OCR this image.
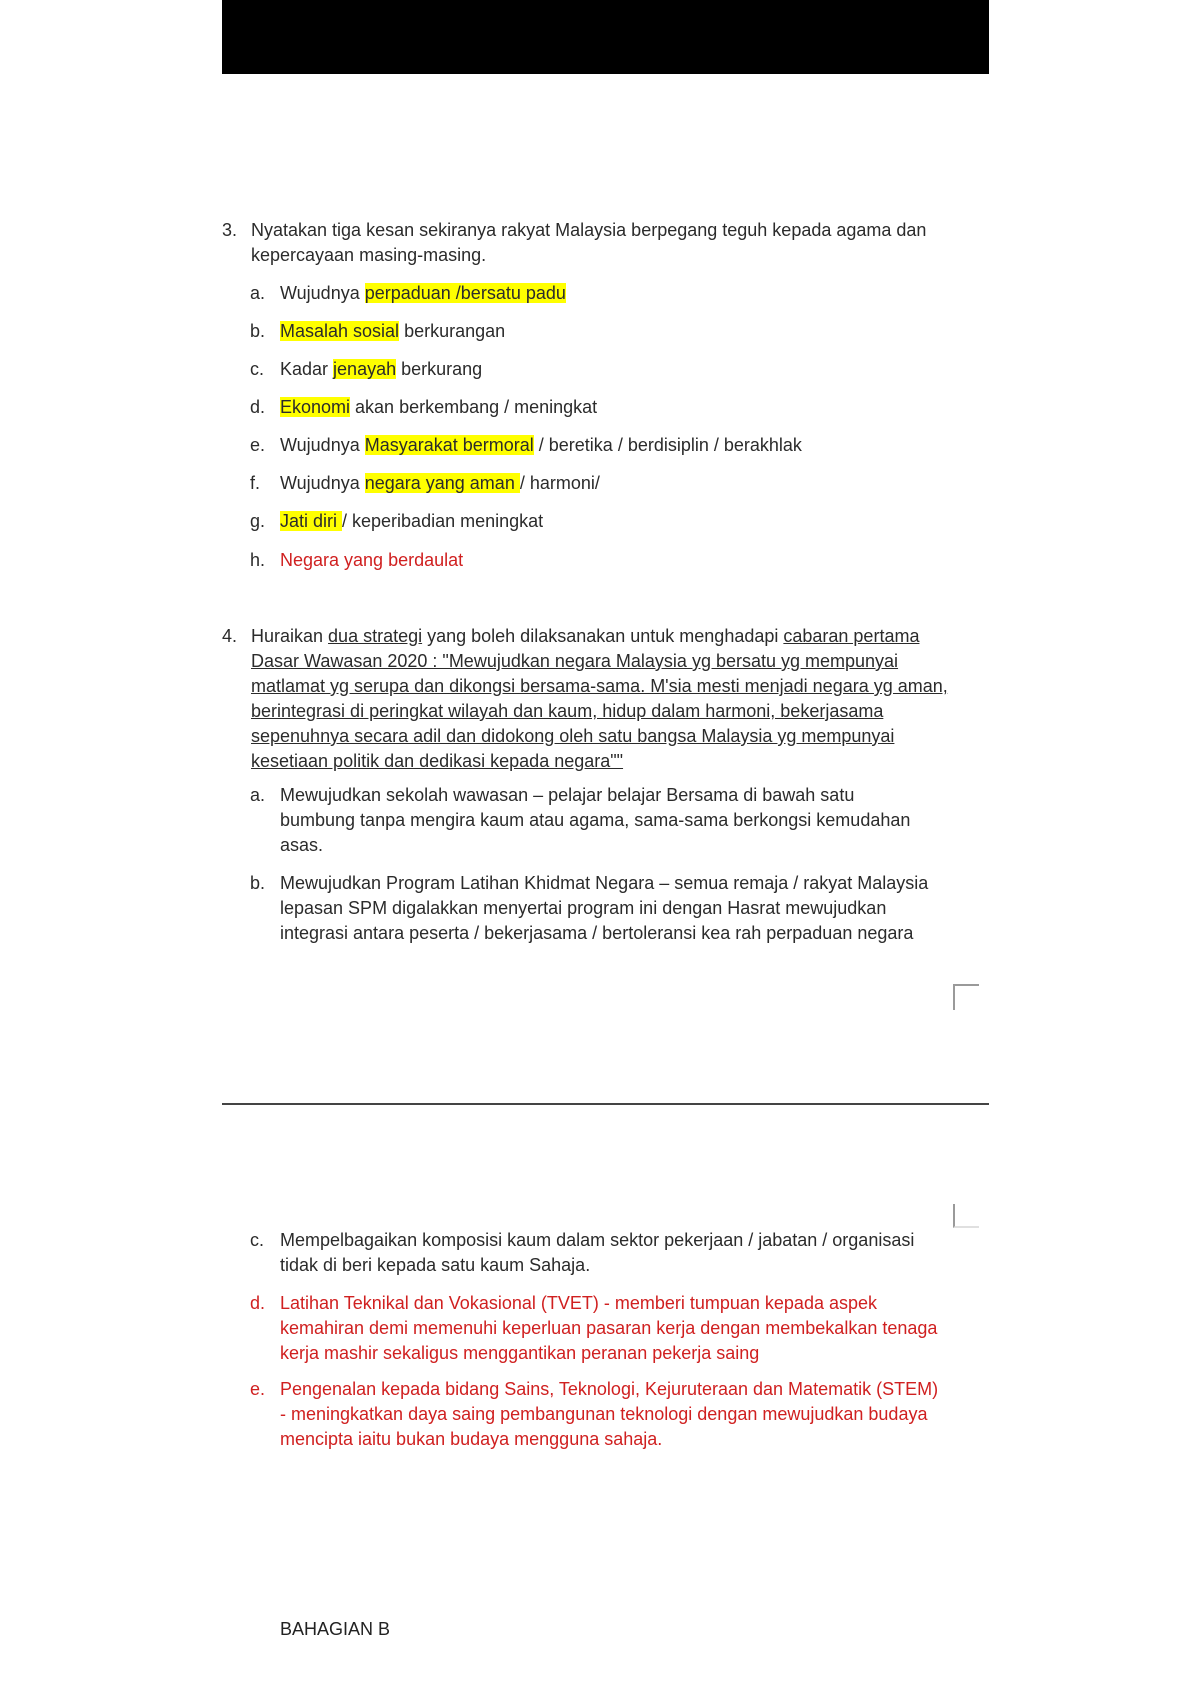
3. Nyatakan tiga kesan sekiranya rakyat Malaysia berpegang teguh kepada agama dan kepercayaan masing-masing.
a. Wujudnya perpaduan /bersatu padu
b. Masalah sosial berkurangan
c. Kadar jenayah berkurang
d. Ekonomi akan berkembang / meningkat
e. Wujudnya Masyarakat bermoral / beretika / berdisiplin / berakhlak
f.	Wujudnya negara yang aman / harmoni/
g. Jati diri / keperibadian meningkat
h. Negara yang berdaulat
4. Huraikan dua strategi yang boleh dilaksanakan untuk menghadapi cabaran pertama Dasar Wawasan 2020 : "Mewujudkan negara Malaysia yg bersatu yg mempunyai matlamat yg serupa dan dikongsi bersama-sama. M'sia mesti menjadi negara yg aman, berintegrasi di peringkat wilayah dan kaum, hidup dalam harmoni, bekerjasama sepenuhnya secara adil dan didokong oleh satu bangsa Malaysia yg mempunyai kesetiaan politik dan dedikasi kepada negara""
a. Mewujudkan sekolah wawasan – pelajar belajar Bersama di bawah satu bumbung tanpa mengira kaum atau agama, sama-sama berkongsi kemudahan asas.
b. Mewujudkan Program Latihan Khidmat Negara – semua remaja / rakyat Malaysia lepasan SPM digalakkan menyertai program ini dengan Hasrat mewujudkan integrasi antara peserta / bekerjasama / bertoleransi kea rah perpaduan negara
c. Mempelbagaikan komposisi kaum dalam sektor pekerjaan / jabatan / organisasi tidak di beri kepada satu kaum Sahaja.
d. Latihan Teknikal dan Vokasional (TVET) - memberi tumpuan kepada aspek kemahiran demi memenuhi keperluan pasaran kerja dengan membekalkan tenaga kerja mashir sekaligus menggantikan peranan pekerja saing
e. Pengenalan kepada bidang Sains, Teknologi, Kejuruteraan dan Matematik (STEM) - meningkatkan daya saing pembangunan teknologi dengan mewujudkan budaya mencipta iaitu bukan budaya mengguna sahaja.
BAHAGIAN B
